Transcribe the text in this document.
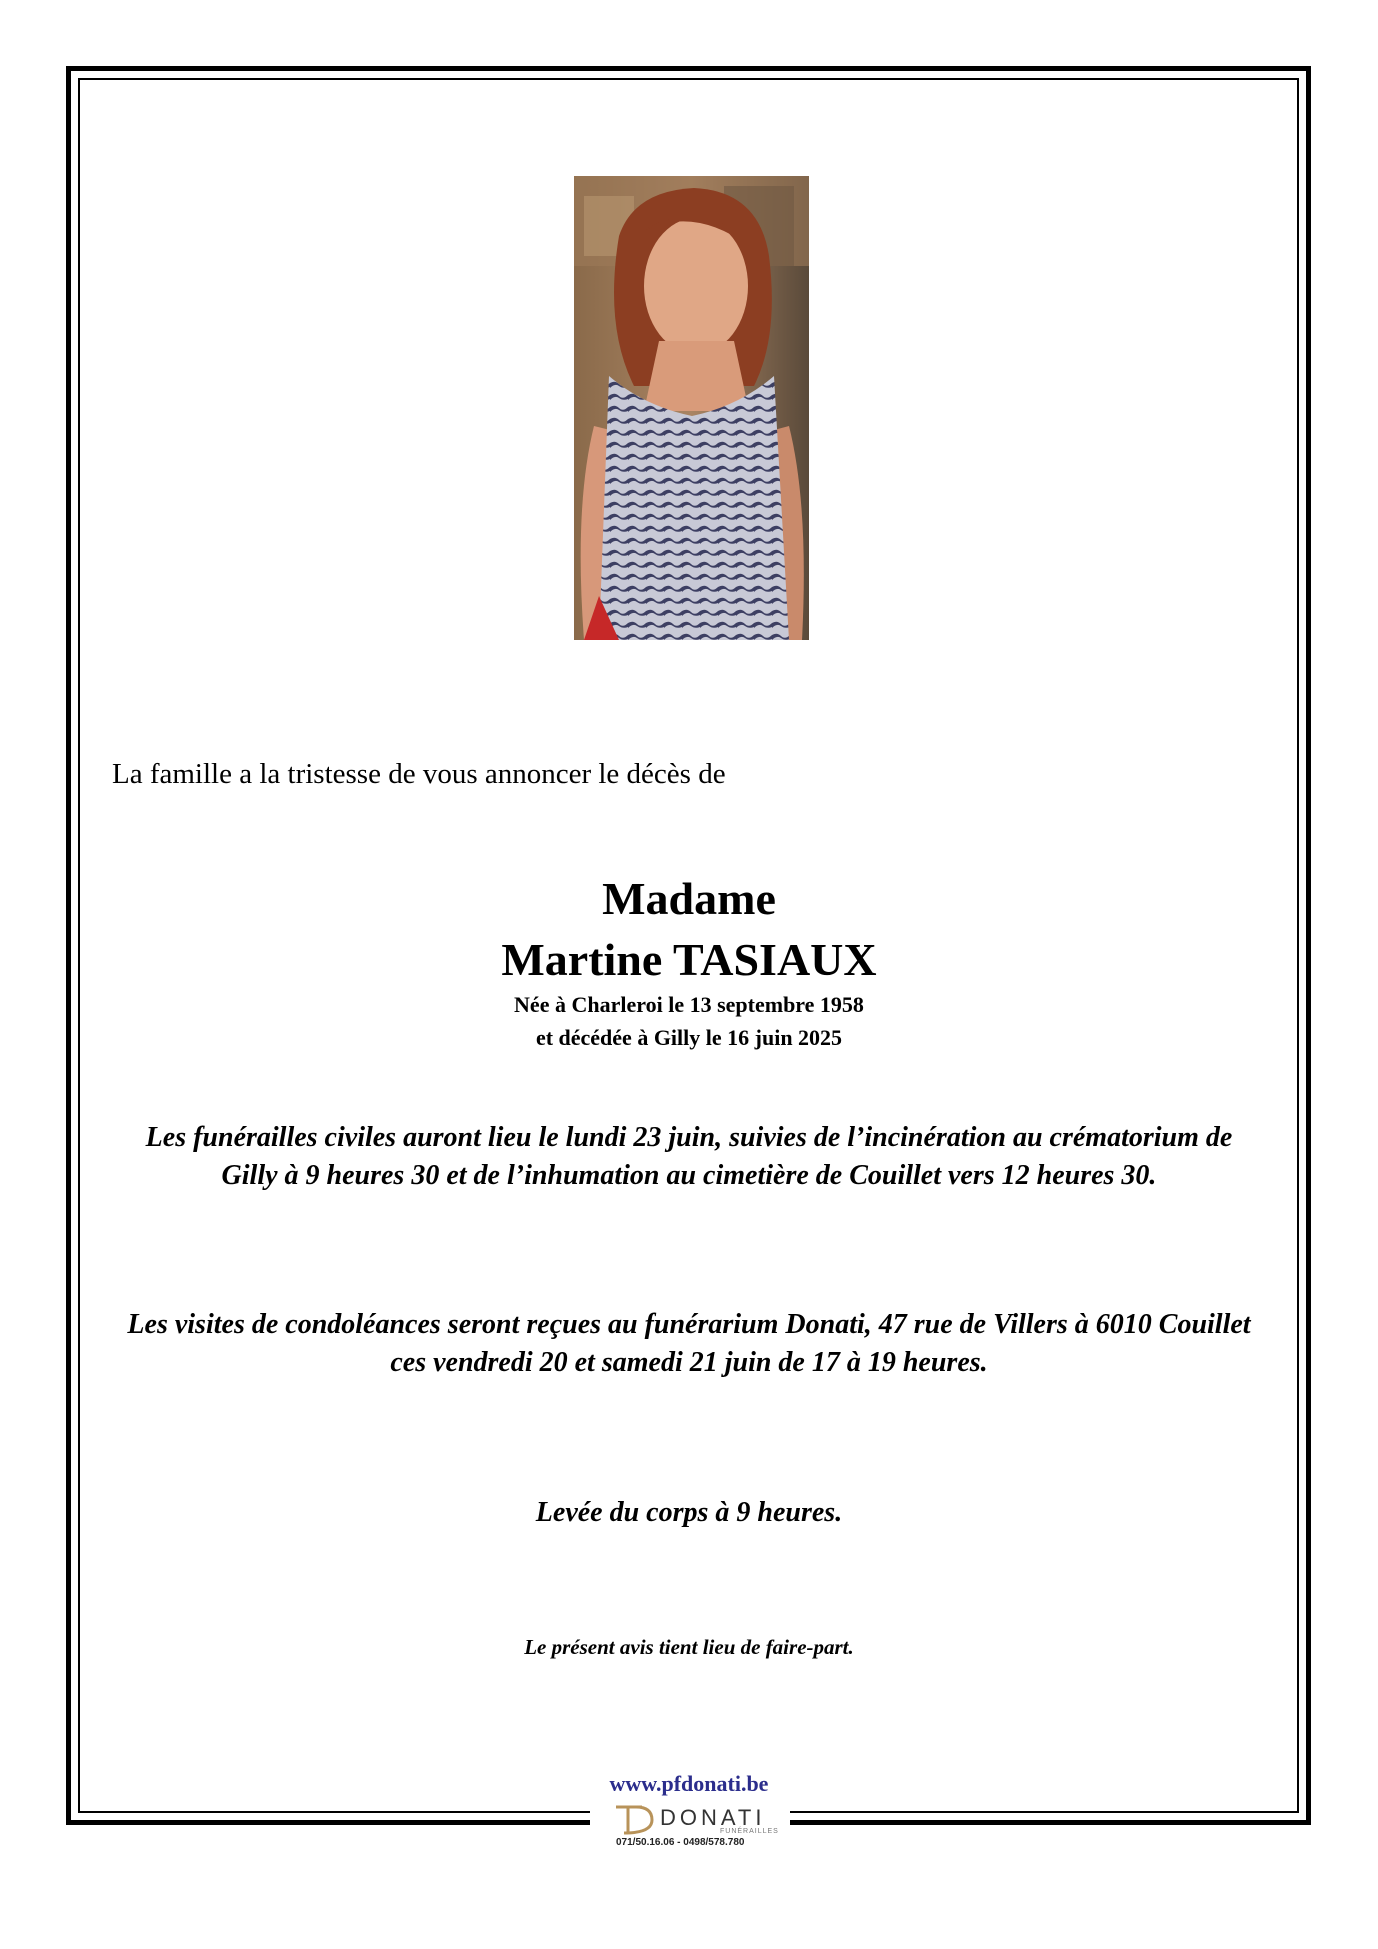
La famille a la tristesse de vous annoncer le décès de
Madame
Martine TASIAUX
Née à Charleroi le 13 septembre 1958
et décédée à Gilly le 16 juin 2025
Les funérailles civiles auront lieu le lundi 23 juin, suivies de l’incinération au crématorium de Gilly à 9 heures 30 et de l’inhumation au cimetière de Couillet vers 12 heures 30.
Les visites de condoléances seront reçues au funérarium Donati, 47 rue de Villers à 6010 Couillet ces vendredi 20 et samedi 21 juin de 17 à 19 heures.
Levée du corps à 9 heures.
Le présent avis tient lieu de faire-part.
www.pfdonati.be
DONATI
FUNÉRAILLES
071/50.16.06 - 0498/578.780
